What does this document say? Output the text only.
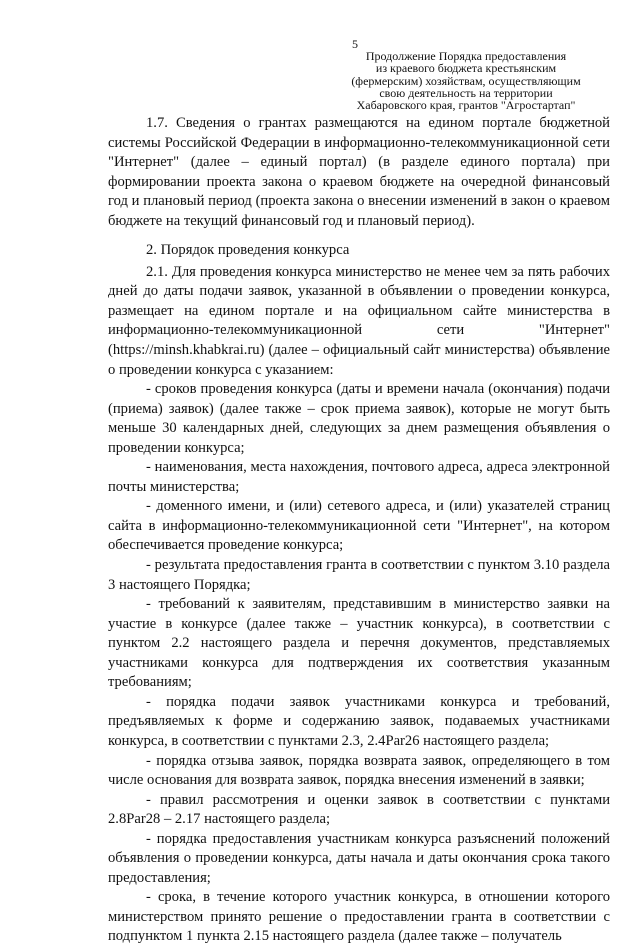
5
Продолжение Порядка предоставления
из краевого бюджета крестьянским
(фермерским) хозяйствам, осуществляющим
свою деятельность на территории
Хабаровского края, грантов "Агростартап"

1.7. Сведения о грантах размещаются на едином портале бюджетной системы Российской Федерации в информационно-телекоммуникационной сети "Интернет" (далее – единый портал) (в разделе единого портала) при формировании проекта закона о краевом бюджете на очередной финансовый год и плановый период (проекта закона о внесении изменений в закон о краевом бюджете на текущий финансовый год и плановый период).

2. Порядок проведения конкурса

2.1. Для проведения конкурса министерство не менее чем за пять рабочих дней до даты подачи заявок, указанной в объявлении о проведении конкурса, размещает на едином портале и на официальном сайте министерства в информационно-телекоммуникационной сети "Интернет" (https://minsh.khabkrai.ru) (далее – официальный сайт министерства) объявление о проведении конкурса с указанием:

- сроков проведения конкурса (даты и времени начала (окончания) подачи (приема) заявок) (далее также – срок приема заявок), которые не могут быть меньше 30 календарных дней, следующих за днем размещения объявления о проведении конкурса;

- наименования, места нахождения, почтового адреса, адреса электронной почты министерства;

- доменного имени, и (или) сетевого адреса, и (или) указателей страниц сайта в информационно-телекоммуникационной сети "Интернет", на котором обеспечивается проведение конкурса;

- результата предоставления гранта в соответствии с пунктом 3.10 раздела 3 настоящего Порядка;

- требований к заявителям, представившим в министерство заявки на участие в конкурсе (далее также – участник конкурса), в соответствии с пунктом 2.2 настоящего раздела и перечня документов, представляемых участниками конкурса для подтверждения их соответствия указанным требованиям;

- порядка подачи заявок участниками конкурса и требований, предъявляемых к форме и содержанию заявок, подаваемых участниками конкурса, в соответствии с пунктами 2.3, 2.4Par26 настоящего раздела;

- порядка отзыва заявок, порядка возврата заявок, определяющего в том числе основания для возврата заявок, порядка внесения изменений в заявки;

- правил рассмотрения и оценки заявок в соответствии с пунктами 2.8Par28 – 2.17 настоящего раздела;

- порядка предоставления участникам конкурса разъяснений положений объявления о проведении конкурса, даты начала и даты окончания срока такого предоставления;

- срока, в течение которого участник конкурса, в отношении которого министерством принято решение о предоставлении гранта в соответствии с подпунктом 1 пункта 2.15 настоящего раздела (далее также – получатель
